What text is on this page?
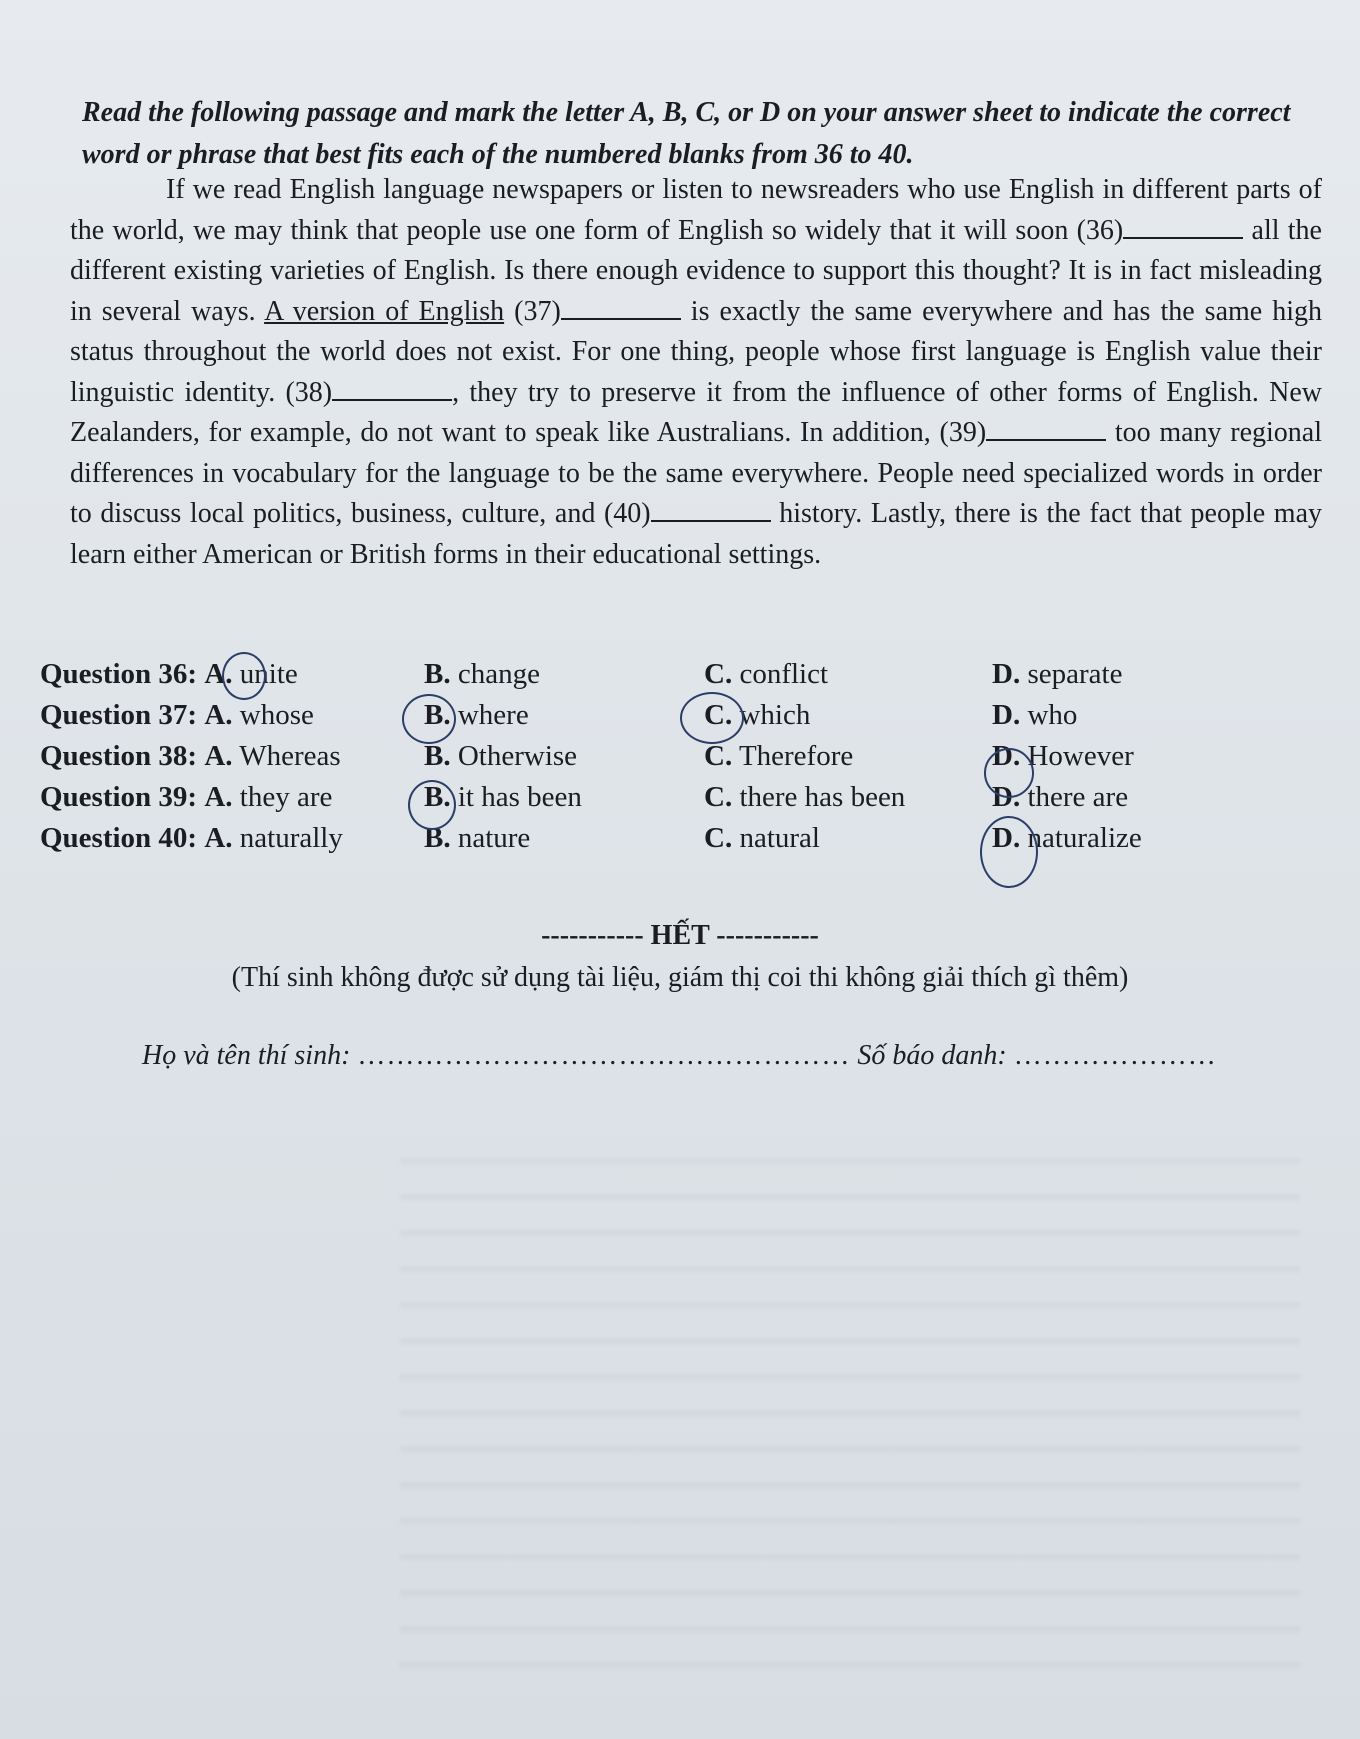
Read the following passage and mark the letter A, B, C, or D on your answer sheet to indicate the correct word or phrase that best fits each of the numbered blanks from 36 to 40.
If we read English language newspapers or listen to newsreaders who use English in different parts of the world, we may think that people use one form of English so widely that it will soon (36)	all the different existing varieties of English. Is there enough evidence to support this thought? It is in fact misleading in several ways. A version of English (37)	is exactly the same everywhere and has the same high status throughout the world does not exist. For one thing, people whose first language is English value their linguistic identity. (38)	, they try to preserve it from the influence of other forms of English. New Zealanders, for example, do not want to speak like Australians. In addition, (39)	too many regional differences in vocabulary for the language to be the same everywhere. People need specialized words in order to discuss local politics, business, culture, and (40)	history. Lastly, there is the fact that people may learn either American or British forms in their educational settings.
Question 36: A. unite	B. change	C. conflict	D. separate
Question 37: A. whose	B. where	C. which	D. who
Question 38: A. Whereas	B. Otherwise	C. Therefore	D. However
Question 39: A. they are	B. it has been	C. there has been	D. there are
Question 40: A. naturally	B. nature	C. natural	D. naturalize
----------- HẾT -----------
(Thí sinh không được sử dụng tài liệu, giám thị coi thi không giải thích gì thêm)
Họ và tên thí sinh: …………………………………………… Số báo danh: …………………
